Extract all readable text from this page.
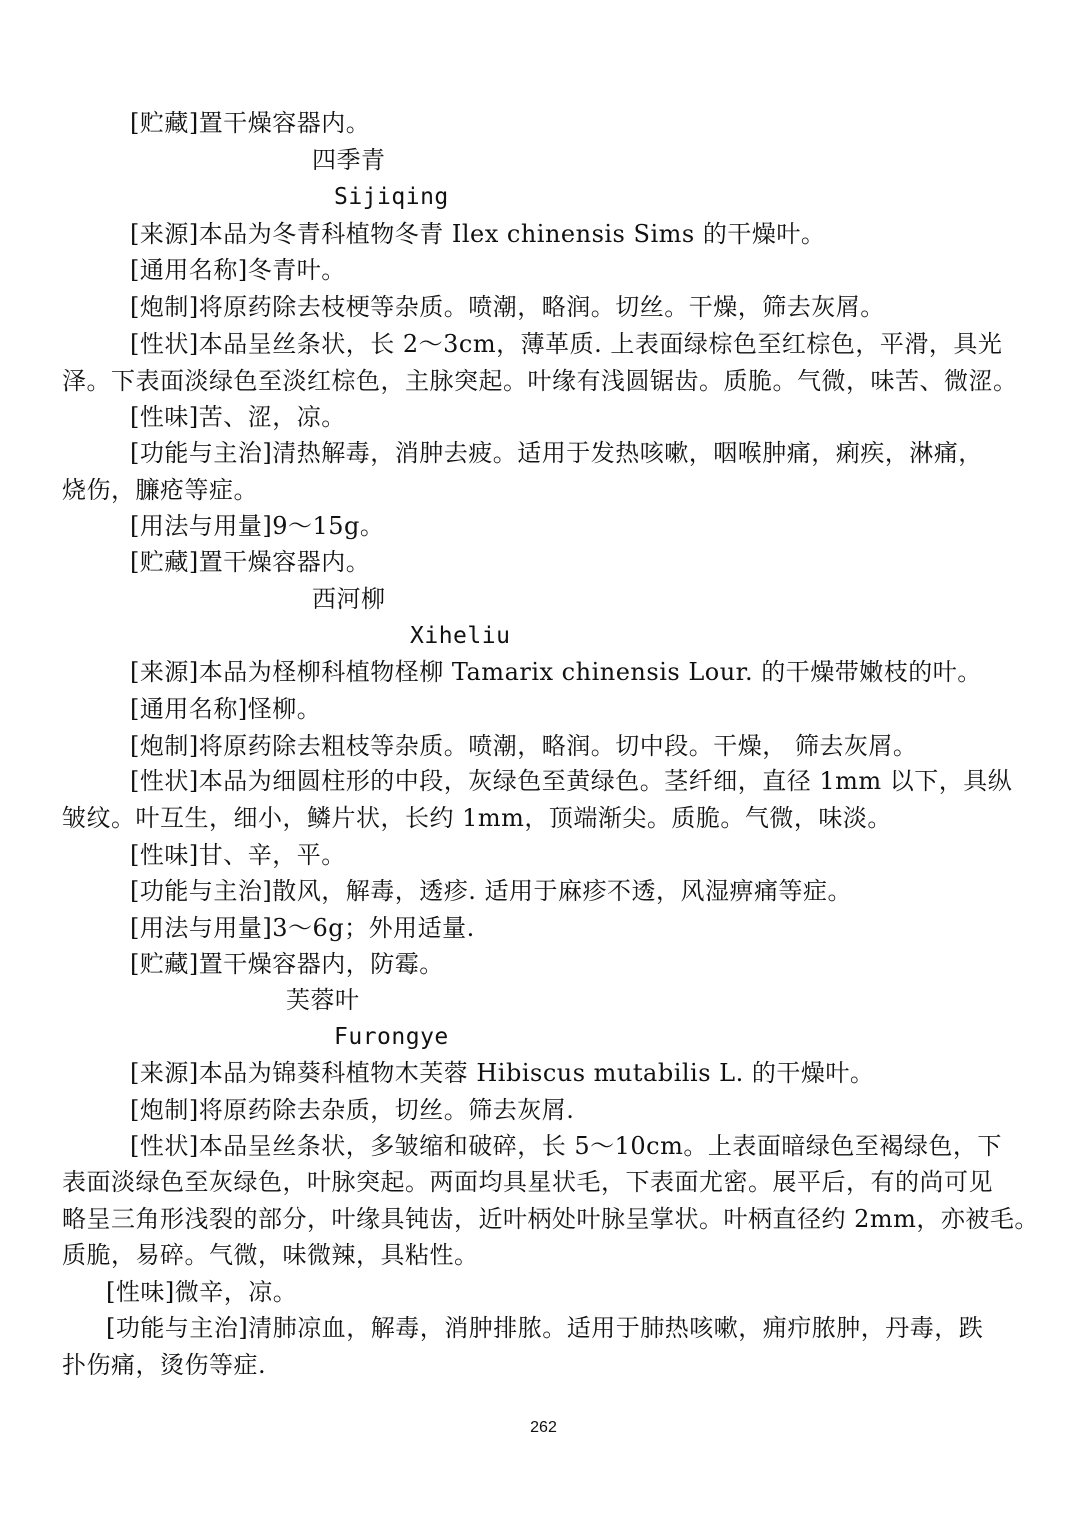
[贮藏]置干燥容器内。
四季青
Sijiqing
[来源]本品为冬青科植物冬青 Ilex chinensis Sims 的干燥叶。
[通用名称]冬青叶。
[炮制]将原药除去枝梗等杂质。喷潮，略润。切丝。干燥，筛去灰屑。
[性状]本品呈丝条状，长 2～3cm，薄革质. 上表面绿棕色至红棕色，平滑，具光
泽。下表面淡绿色至淡红棕色，主脉突起。叶缘有浅圆锯齿。质脆。气微，味苦、微涩。
[性味]苦、涩，凉。
[功能与主治]清热解毒，消肿去疲。适用于发热咳嗽，咽喉肿痛，痢疾，淋痛，
烧伤，臁疮等症。
[用法与用量]9～15g。
[贮藏]置干燥容器内。
西河柳
Xiheliu
[来源]本品为柽柳科植物柽柳 Tamarix chinensis Lour. 的干燥带嫩枝的叶。
[通用名称]怪柳。
[炮制]将原药除去粗枝等杂质。喷潮，略润。切中段。干燥， 筛去灰屑。
[性状]本品为细圆柱形的中段，灰绿色至黄绿色。茎纤细，直径 1mm 以下，具纵
皱纹。叶互生，细小，鳞片状，长约 1mm，顶端渐尖。质脆。气微，味淡。
[性味]甘、辛，平。
[功能与主治]散风，解毒，透疹. 适用于麻疹不透，风湿痹痛等症。
[用法与用量]3～6g；外用适量.
[贮藏]置干燥容器内，防霉。
芙蓉叶
Furongye
[来源]本品为锦葵科植物木芙蓉 Hibiscus mutabilis L. 的干燥叶。
[炮制]将原药除去杂质，切丝。筛去灰屑.
[性状]本品呈丝条状，多皱缩和破碎，长 5～10cm。上表面暗绿色至褐绿色，下
表面淡绿色至灰绿色，叶脉突起。两面均具星状毛，下表面尤密。展平后，有的尚可见
略呈三角形浅裂的部分，叶缘具钝齿，近叶柄处叶脉呈掌状。叶柄直径约 2mm，亦被毛。
质脆，易碎。气微，味微辣，具粘性。
[性味]微辛，凉。
[功能与主治]清肺凉血，解毒，消肿排脓。适用于肺热咳嗽，痈疖脓肿，丹毒，跌
扑伤痛，烫伤等症.
262
